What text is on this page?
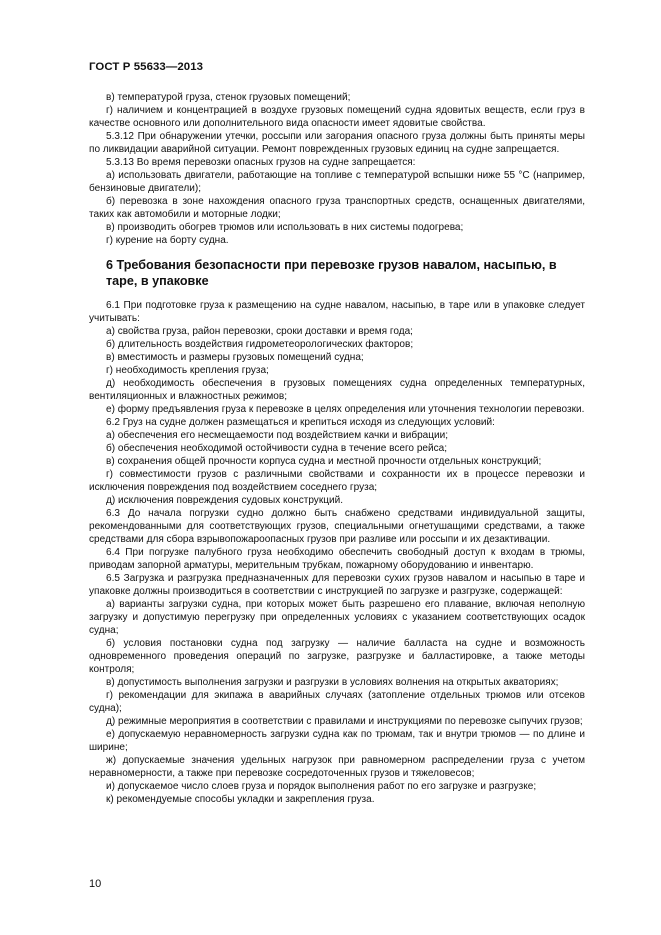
ГОСТ Р 55633—2013

в) температурой груза, стенок грузовых помещений;

г) наличием и концентрацией в воздухе грузовых помещений судна ядовитых веществ, если груз в качестве основного или дополнительного вида опасности имеет ядовитые свойства.

5.3.12 При обнаружении утечки, россыпи или загорания опасного груза должны быть приняты меры по ликвидации аварийной ситуации. Ремонт поврежденных грузовых единиц на судне запрещается.

5.3.13 Во время перевозки опасных грузов на судне запрещается:

а) использовать двигатели, работающие на топливе с температурой вспышки ниже 55 °С (например, бензиновые двигатели);

б) перевозка в зоне нахождения опасного груза транспортных средств, оснащенных двигателями, таких как автомобили и моторные лодки;

в) производить обогрев трюмов или использовать в них системы подогрева;

г) курение на борту судна.

6 Требования безопасности при перевозке грузов навалом, насыпью, в таре, в упаковке

6.1 При подготовке груза к размещению на судне навалом, насыпью, в таре или в упаковке следует учитывать:

а) свойства груза, район перевозки, сроки доставки и время года;

б) длительность воздействия гидрометеорологических факторов;

в) вместимость и размеры грузовых помещений судна;

г) необходимость крепления груза;

д) необходимость обеспечения в грузовых помещениях судна определенных температурных, вентиляционных и влажностных режимов;

е) форму предъявления груза к перевозке в целях определения или уточнения технологии перевозки.

6.2 Груз на судне должен размещаться и крепиться исходя из следующих условий:

а) обеспечения его несмещаемости под воздействием качки и вибрации;

б) обеспечения необходимой остойчивости судна в течение всего рейса;

в) сохранения общей прочности корпуса судна и местной прочности отдельных конструкций;

г) совместимости грузов с различными свойствами и сохранности их в процессе перевозки и исключения повреждения под воздействием соседнего груза;

д) исключения повреждения судовых конструкций.

6.3 До начала погрузки судно должно быть снабжено средствами индивидуальной защиты, рекомендованными для соответствующих грузов, специальными огнетушащими средствами, а также средствами для сбора взрывопожароопасных грузов при разливе или россыпи и их дезактивации.

6.4 При погрузке палубного груза необходимо обеспечить свободный доступ к входам в трюмы, приводам запорной арматуры, мерительным трубкам, пожарному оборудованию и инвентарю.

6.5 Загрузка и разгрузка предназначенных для перевозки сухих грузов навалом и насыпью в таре и упаковке должны производиться в соответствии с инструкцией по загрузке и разгрузке, содержащей:

а) варианты загрузки судна, при которых может быть разрешено его плавание, включая неполную загрузку и допустимую перегрузку при определенных условиях с указанием соответствующих осадок судна;

б) условия постановки судна под загрузку — наличие балласта на судне и возможность одновременного проведения операций по загрузке, разгрузке и балластировке, а также методы контроля;

в) допустимость выполнения загрузки и разгрузки в условиях волнения на открытых акваториях;

г) рекомендации для экипажа в аварийных случаях (затопление отдельных трюмов или отсеков судна);

д) режимные мероприятия в соответствии с правилами и инструкциями по перевозке сыпучих грузов;

е) допускаемую неравномерность загрузки судна как по трюмам, так и внутри трюмов — по длине и ширине;

ж) допускаемые значения удельных нагрузок при равномерном распределении груза с учетом неравномерности, а также при перевозке сосредоточенных грузов и тяжеловесов;

и) допускаемое число слоев груза и порядок выполнения работ по его загрузке и разгрузке;

к) рекомендуемые способы укладки и закрепления груза.

10
